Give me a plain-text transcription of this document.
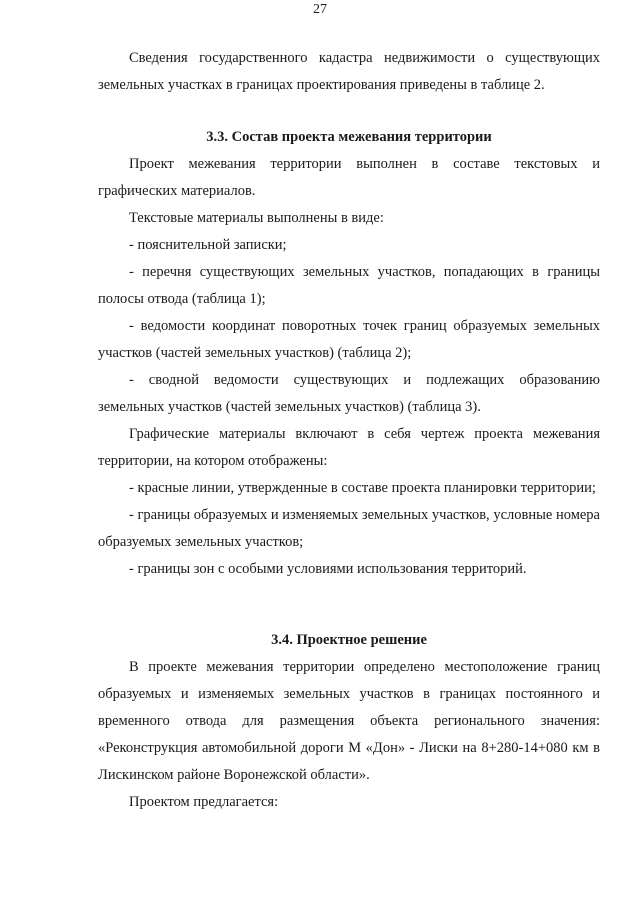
27

Сведения государственного кадастра недвижимости о существующих

земельных участках в границах проектирования приведены в таблице 2.

3.3. Состав проекта межевания территории

Проект межевания территории выполнен в составе текстовых и графических материалов.

Текстовые материалы выполнены в виде:

- пояснительной записки;

- перечня существующих земельных участков, попадающих в границы полосы отвода (таблица 1);

- ведомости координат поворотных точек границ образуемых земельных участков (частей земельных участков) (таблица 2);

- сводной ведомости существующих и подлежащих образованию земельных участков (частей земельных участков) (таблица 3).

Графические материалы включают в себя чертеж проекта межевания территории, на котором отображены:

- красные линии, утвержденные в составе проекта планировки территории;

- границы образуемых и изменяемых земельных участков, условные номера образуемых земельных участков;

- границы зон с особыми условиями использования территорий.

3.4. Проектное решение

В проекте межевания территории определено местоположение границ образуемых и изменяемых земельных участков в границах постоянного и временного отвода для размещения объекта регионального значения: «Реконструкция автомобильной дороги М «Дон» - Лиски на 8+280-14+080 км в Лискинском районе Воронежской области».

Проектом предлагается:
